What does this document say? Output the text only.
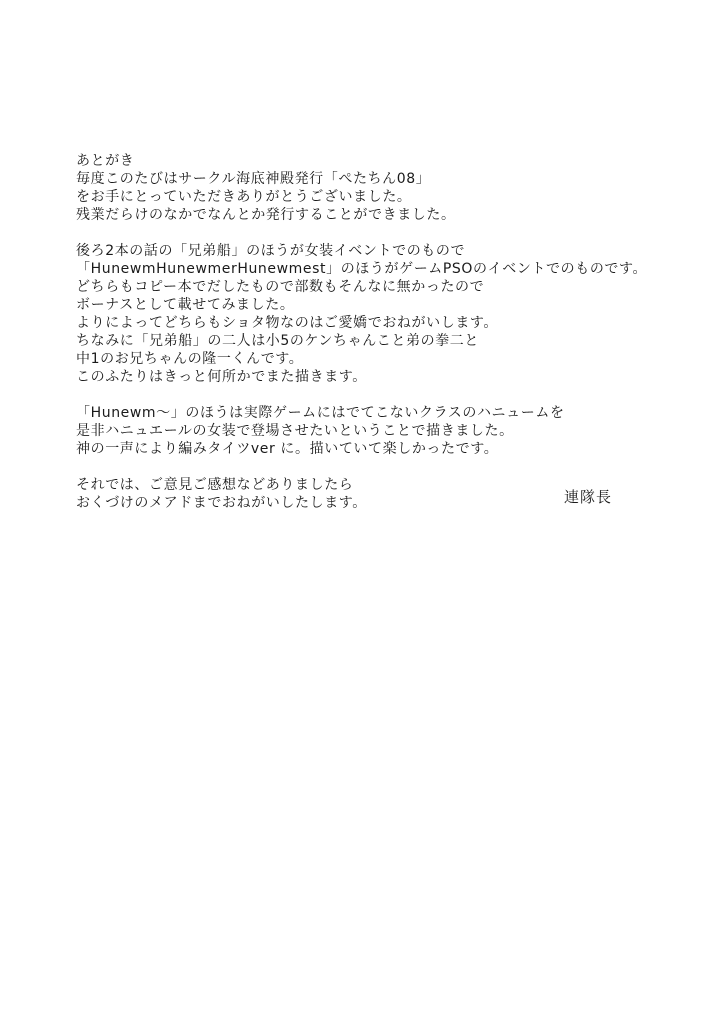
あとがき
毎度このたびはサークル海底神殿発行「ぺたちん08」
をお手にとっていただきありがとうございました。
残業だらけのなかでなんとか発行することができました。
後ろ2本の話の「兄弟船」のほうが女装イベントでのもので
「HunewmHunewmerHunewmest」のほうがゲームPSOのイベントでのものです。
どちらもコピー本でだしたもので部数もそんなに無かったので
ボーナスとして載せてみました。
よりによってどちらもショタ物なのはご愛嬌でおねがいします。
ちなみに「兄弟船」の二人は小5のケンちゃんこと弟の拳二と
中1のお兄ちゃんの隆一くんです。
このふたりはきっと何所かでまた描きます。
「Hunewm～」のほうは実際ゲームにはでてこないクラスのハニュームを
是非ハニュエールの女装で登場させたいということで描きました。
神の一声により編みタイツver に。描いていて楽しかったです。
それでは、ご意見ご感想などありましたら
おくづけのメアドまでおねがいしたします。	連隊長
